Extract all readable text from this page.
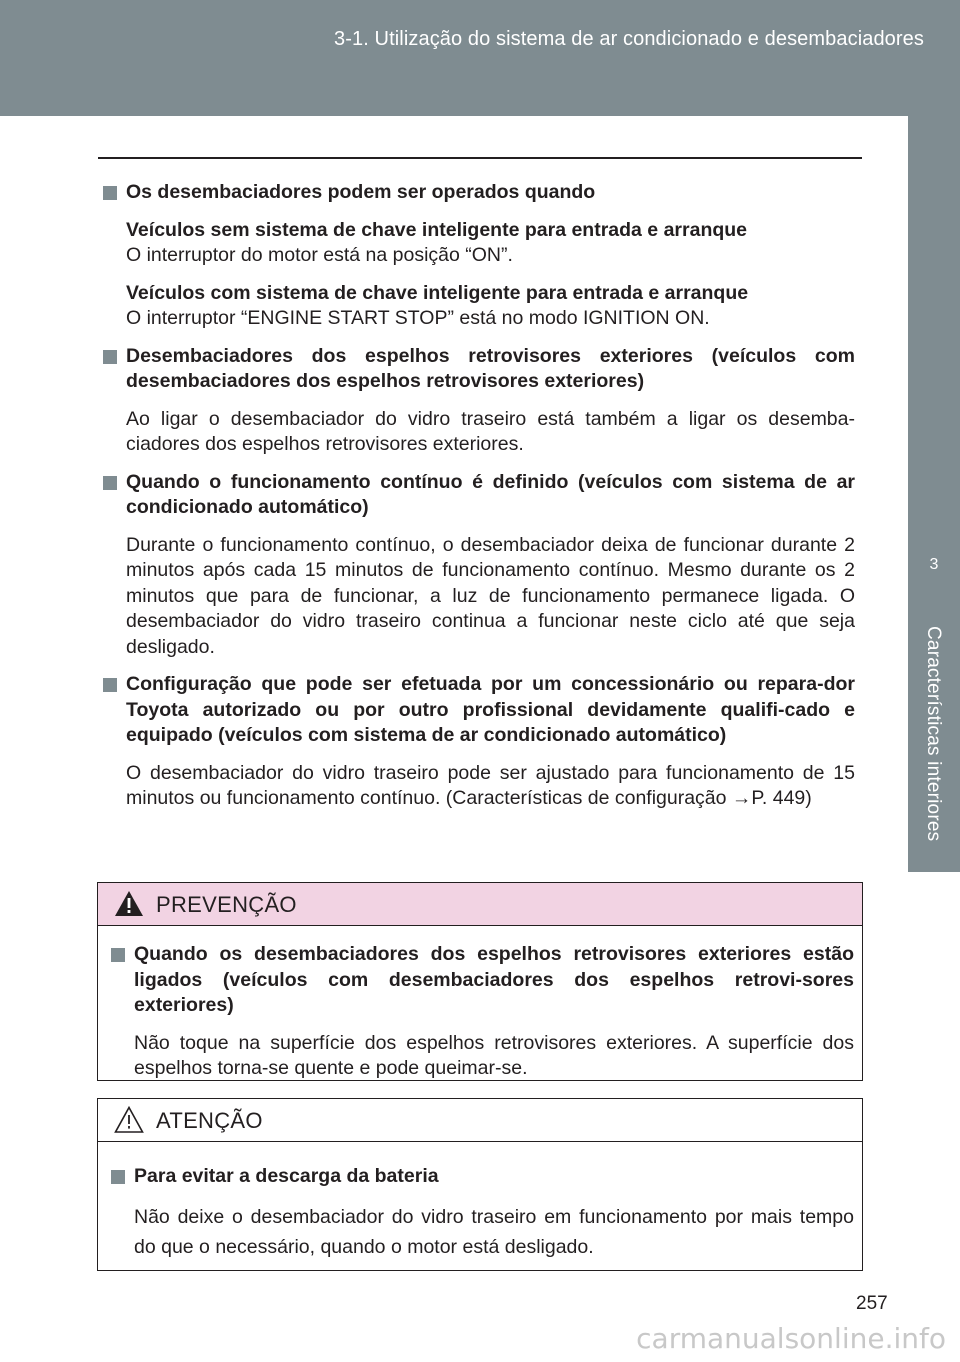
3-1. Utilização do sistema de ar condicionado e desembaciadores
3
Características interiores
Os desembaciadores podem ser operados quando
Veículos sem sistema de chave inteligente para entrada e arranque
O interruptor do motor está na posição “ON”.
Veículos com sistema de chave inteligente para entrada e arranque
O interruptor “ENGINE START STOP” está no modo IGNITION ON.
Desembaciadores dos espelhos retrovisores exteriores (veículos com desembaciadores dos espelhos retrovisores exteriores)
Ao ligar o desembaciador do vidro traseiro está também a ligar os desemba-ciadores dos espelhos retrovisores exteriores.
Quando o funcionamento contínuo é definido (veículos com sistema de ar condicionado automático)
Durante o funcionamento contínuo, o desembaciador deixa de funcionar durante 2 minutos após cada 15 minutos de funcionamento contínuo. Mesmo durante os 2 minutos que para de funcionar, a luz de funcionamento permanece ligada. O desembaciador do vidro traseiro continua a funcionar neste ciclo até que seja desligado.
Configuração que pode ser efetuada por um concessionário ou repara-dor Toyota autorizado ou por outro profissional devidamente qualifi-cado e equipado (veículos com sistema de ar condicionado automático)
O desembaciador do vidro traseiro pode ser ajustado para funcionamento de 15 minutos ou funcionamento contínuo. (Características de configuração →P. 449)
PREVENÇÃO
Quando os desembaciadores dos espelhos retrovisores exteriores estão ligados (veículos com desembaciadores dos espelhos retrovi-sores exteriores)
Não toque na superfície dos espelhos retrovisores exteriores. A superfície dos espelhos torna-se quente e pode queimar-se.
ATENÇÃO
Para evitar a descarga da bateria
Não deixe o desembaciador do vidro traseiro em funcionamento por mais tempo do que o necessário, quando o motor está desligado.
257
carmanualsonline.info
